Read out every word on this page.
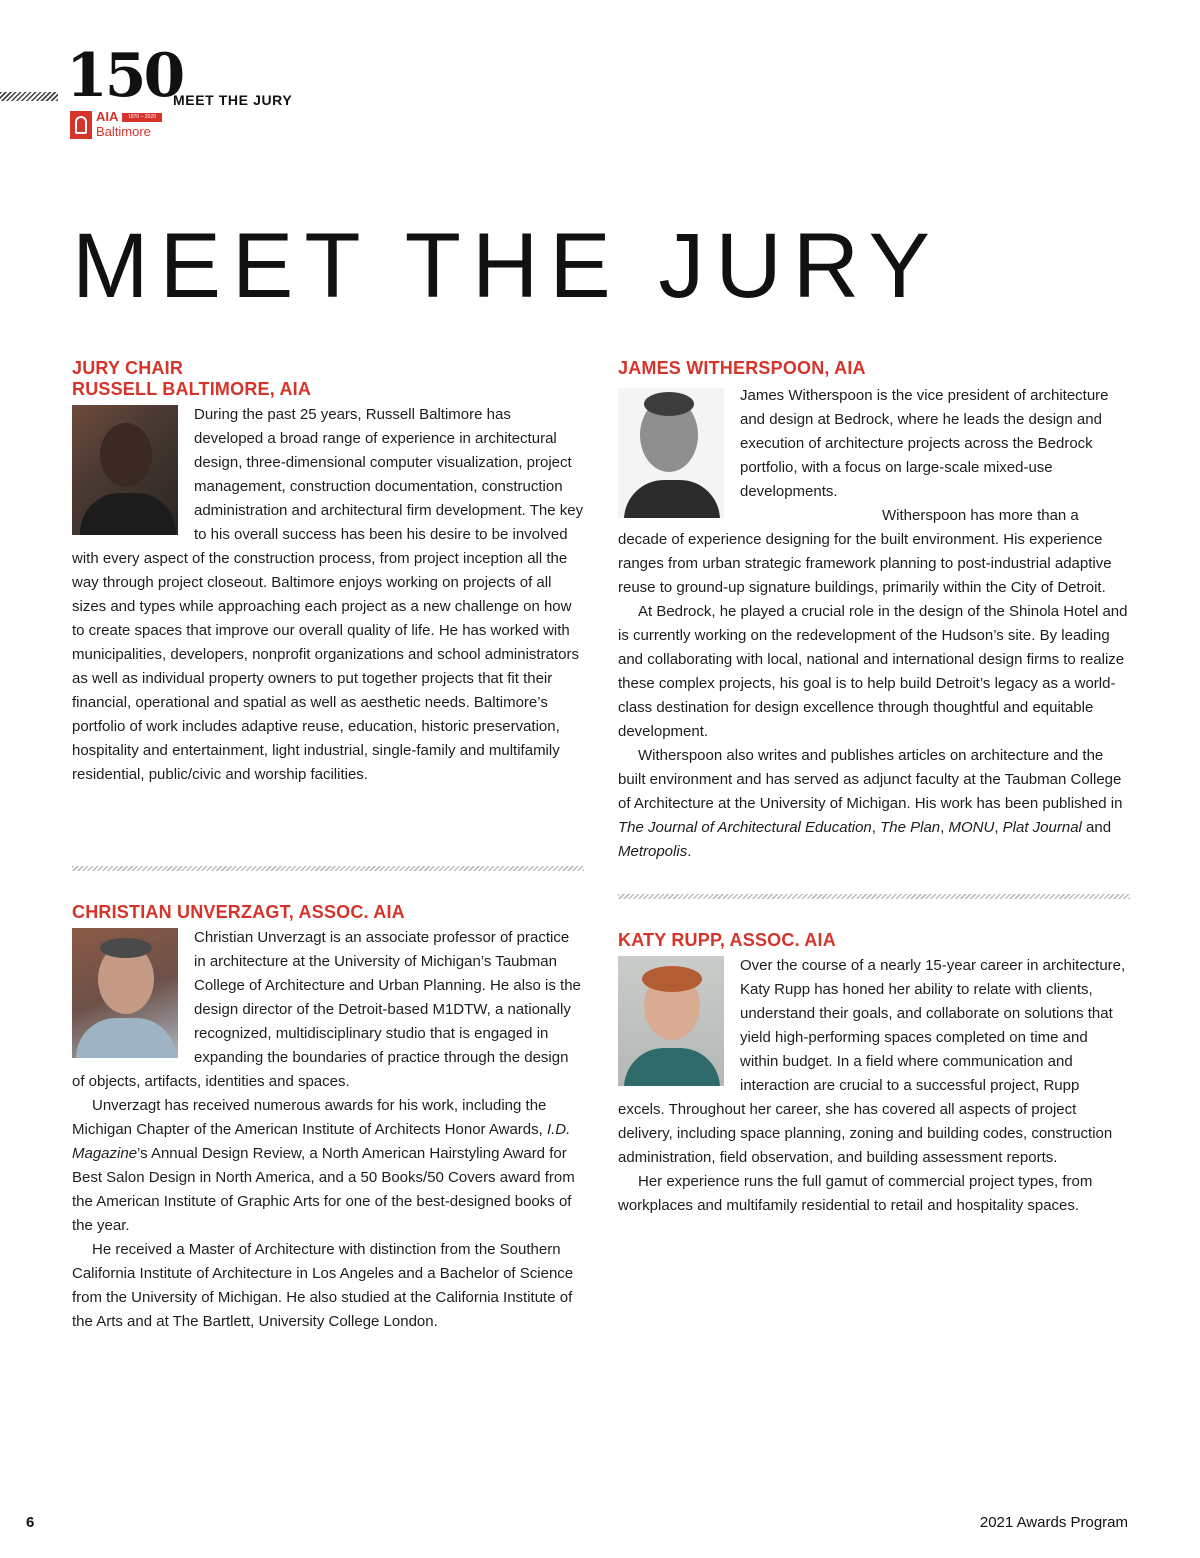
150
AIA	1870 – 2020
Baltimore
MEET THE JURY
MEET THE JURY
JURY CHAIR
RUSSELL BALTIMORE, AIA

During the past 25 years, Russell Baltimore has developed a broad range of experience in architectural design, three-dimensional computer visualization, project management, construction documentation, construction administration and architectural firm development. The key to his overall success has been his desire to be involved with every aspect of the construction process, from project inception all the way through project closeout. Baltimore enjoys working on projects of all sizes and types while approaching each project as a new challenge on how to create spaces that improve our overall quality of life. He has worked with municipalities, developers, nonprofit organizations and school administrators as well as individual property owners to put together projects that fit their financial, operational and spatial as well as aesthetic needs. Baltimore’s portfolio of work includes adaptive reuse, education, historic preservation, hospitality and entertainment, light industrial, single-family and multifamily residential, public/civic and worship facilities.

JAMES WITHERSPOON, AIA

James Witherspoon is the vice president of architecture and design at Bedrock, where he leads the design and execution of architecture projects across the Bedrock portfolio, with a focus on large-scale mixed-use developments.

Witherspoon has more than a decade of experience designing for the built environment. His experience ranges from urban strategic framework planning to post-industrial adaptive reuse to ground-up signature buildings, primarily within the City of Detroit.

At Bedrock, he played a crucial role in the design of the Shinola Hotel and is currently working on the redevelopment of the Hudson’s site. By leading and collaborating with local, national and international design firms to realize these complex projects, his goal is to help build Detroit’s legacy as a world-class destination for design excellence through thoughtful and equitable development.

Witherspoon also writes and publishes articles on architecture and the built environment and has served as adjunct faculty at the Taubman College of Architecture at the University of Michigan. His work has been published in The Journal of Architectural Education, The Plan, MONU, Plat Journal and Metropolis.

CHRISTIAN UNVERZAGT, ASSOC. AIA

Christian Unverzagt is an associate professor of practice in architecture at the University of Michigan’s Taubman College of Architecture and Urban Planning. He also is the design director of the Detroit-based M1DTW, a nationally recognized, multidisciplinary studio that is engaged in expanding the boundaries of practice through the design of objects, artifacts, identities and spaces.

Unverzagt has received numerous awards for his work, including the Michigan Chapter of the American Institute of Architects Honor Awards, I.D. Magazine’s Annual Design Review, a North American Hairstyling Award for Best Salon Design in North America, and a 50 Books/50 Covers award from the American Institute of Graphic Arts for one of the best-designed books of the year.

He received a Master of Architecture with distinction from the Southern California Institute of Architecture in Los Angeles and a Bachelor of Science from the University of Michigan. He also studied at the California Institute of the Arts and at The Bartlett, University College London.

KATY RUPP, ASSOC. AIA

Over the course of a nearly 15-year career in architecture, Katy Rupp has honed her ability to relate with clients, understand their goals, and collaborate on solutions that yield high-performing spaces completed on time and within budget. In a field where communication and interaction are crucial to a successful project, Rupp excels. Throughout her career, she has covered all aspects of project delivery, including space planning, zoning and building codes, construction administration, field observation, and building assessment reports.

Her experience runs the full gamut of commercial project types, from workplaces and multifamily residential to retail and hospitality spaces.

6	2021 Awards Program
